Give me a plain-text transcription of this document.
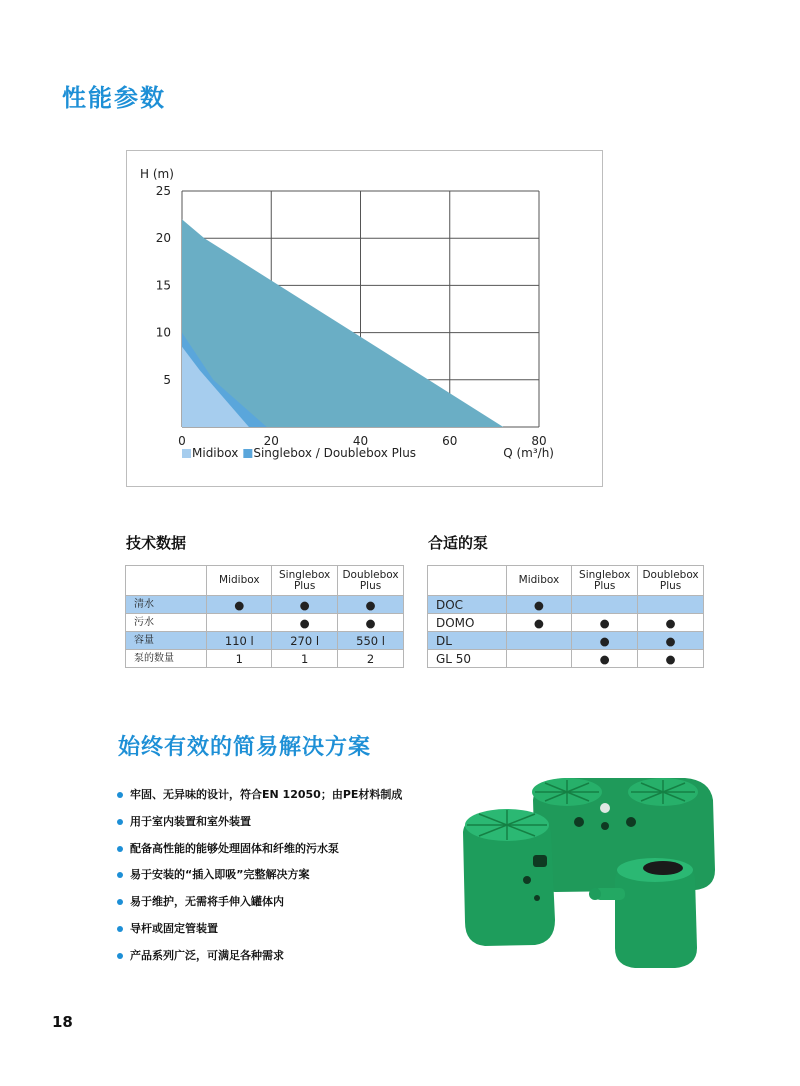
性能参数
0	20	40	60	80
5
10
15
20
25
H (m)
Q (m³/h)
Midibox Singlebox / Doublebox Plus
技术数据
	Midibox	Singlebox Plus	Doublebox Plus
清水	●	●	●
污水		●	●
容量	110 l	270 l	550 l
泵的数量	1	1	2
合适的泵
	Midibox	Singlebox Plus	Doublebox Plus
DOC	●		
DOMO	●	●	●
DL		●	●
GL 50		●	●
始终有效的简易解决方案
牢固、无异味的设计，符合EN 12050；由PE材料制成
用于室内装置和室外装置
配备高性能的能够处理固体和纤维的污水泵
易于安装的“插入即吸”完整解决方案
易于维护，无需将手伸入罐体内
导杆或固定管装置
产品系列广泛，可满足各种需求
18
